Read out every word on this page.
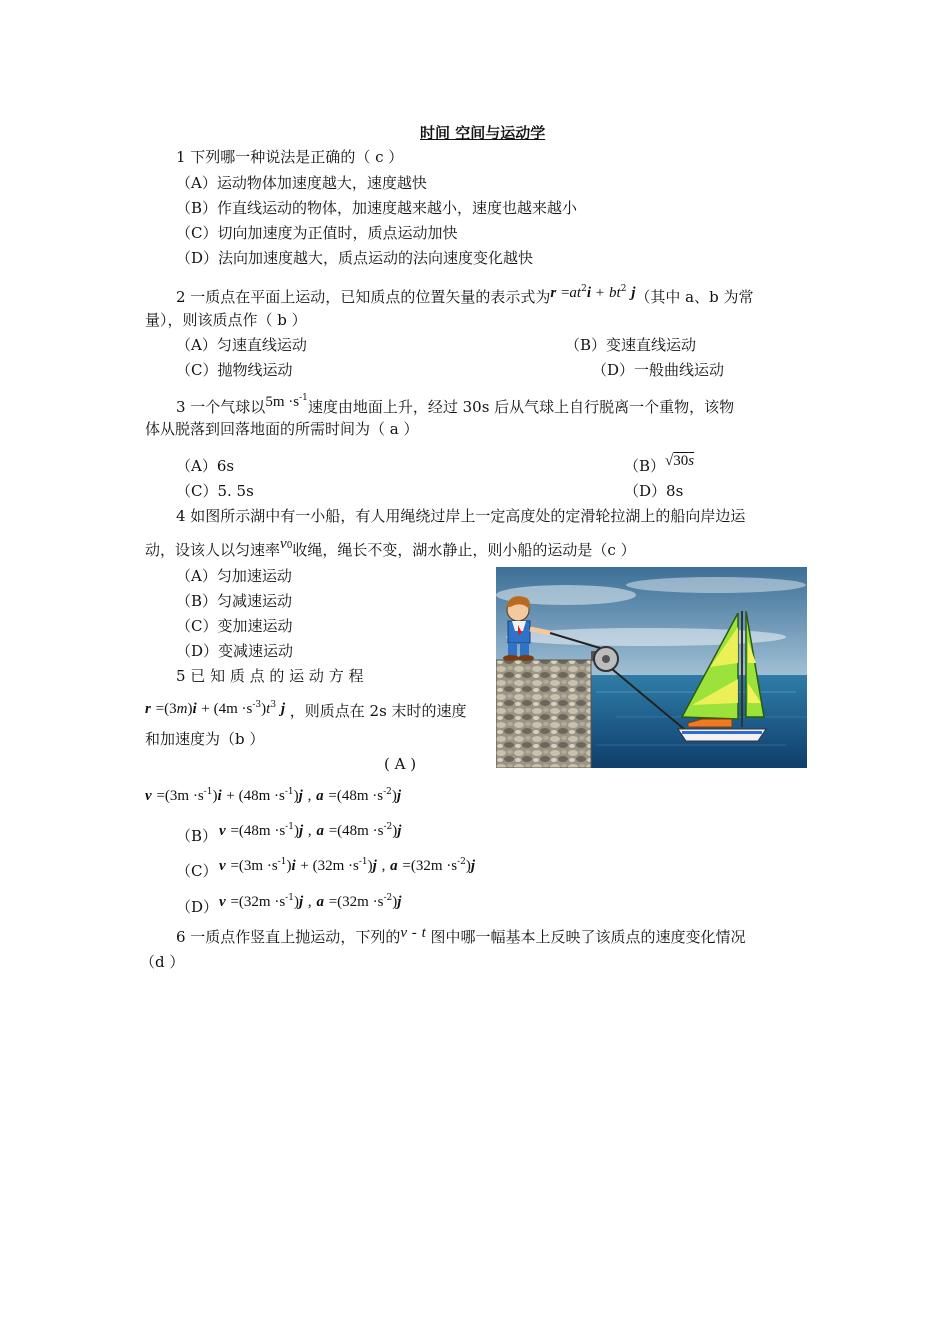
时间 空间与运动学
1 下列哪一种说法是正确的（ c ）
（A）运动物体加速度越大，速度越快
（B）作直线运动的物体，加速度越来越小，速度也越来越小
（C）切向加速度为正值时，质点运动加快
（D）法向加速度越大，质点运动的法向速度变化越快
2 一质点在平面上运动，已知质点的位置矢量的表示式为$r =at^2i + bt^2$ j（其中 a、b 为常
量），则该质点作（ b ）
（A）匀速直线运动	（B）变速直线运动
（C）抛物线运动	（D）一般曲线运动
3 一个气球以$5m \cdot s^{-1}$速度由地面上升，经过 30s 后从气球上自行脱离一个重物，该物
体从脱落到回落地面的所需时间为（ a ）
（A）6s	$(B)√30\overline{s}$
（C）5. 5s	（D）8s
4 如图所示湖中有一小船，有人用绳绕过岸上一定高度处的定滑轮拉湖上的船向岸边运
动，设该人以匀速率v0收绳，绳长不变，湖水静止，则小船的运动是（c ）
（A）匀加速运动
（B）匀减速运动
（C）变加速运动
（D）变减速运动
5 已 知 质 点 的 运 动 方 程
$r =(3m)i + (4m \cdot s^{-3})t^3$ j ，则质点在 2s 末时的速度
和加速度为（b ）
( A )
$v =(3m \cdot s^{-1})i + (48m \cdot s^{-1})j$ , $a =(48m \cdot s^{-2})j$
（B） $v =(48m \cdot s^{-1})j$ , $a =(48m \cdot s^{-2})j$
（C） $v =(3m \cdot s^{-1})i + (32m \cdot s^{-1})j$ , $a =(32m \cdot s^{-2})j$
（D） $v =(32m \cdot s^{-1})j$ , $a =(32m \cdot s^{-2})j$
6 一质点作竖直上抛运动，下列的v - t 图中哪一幅基本上反映了该质点的速度变化情况
（d ）
